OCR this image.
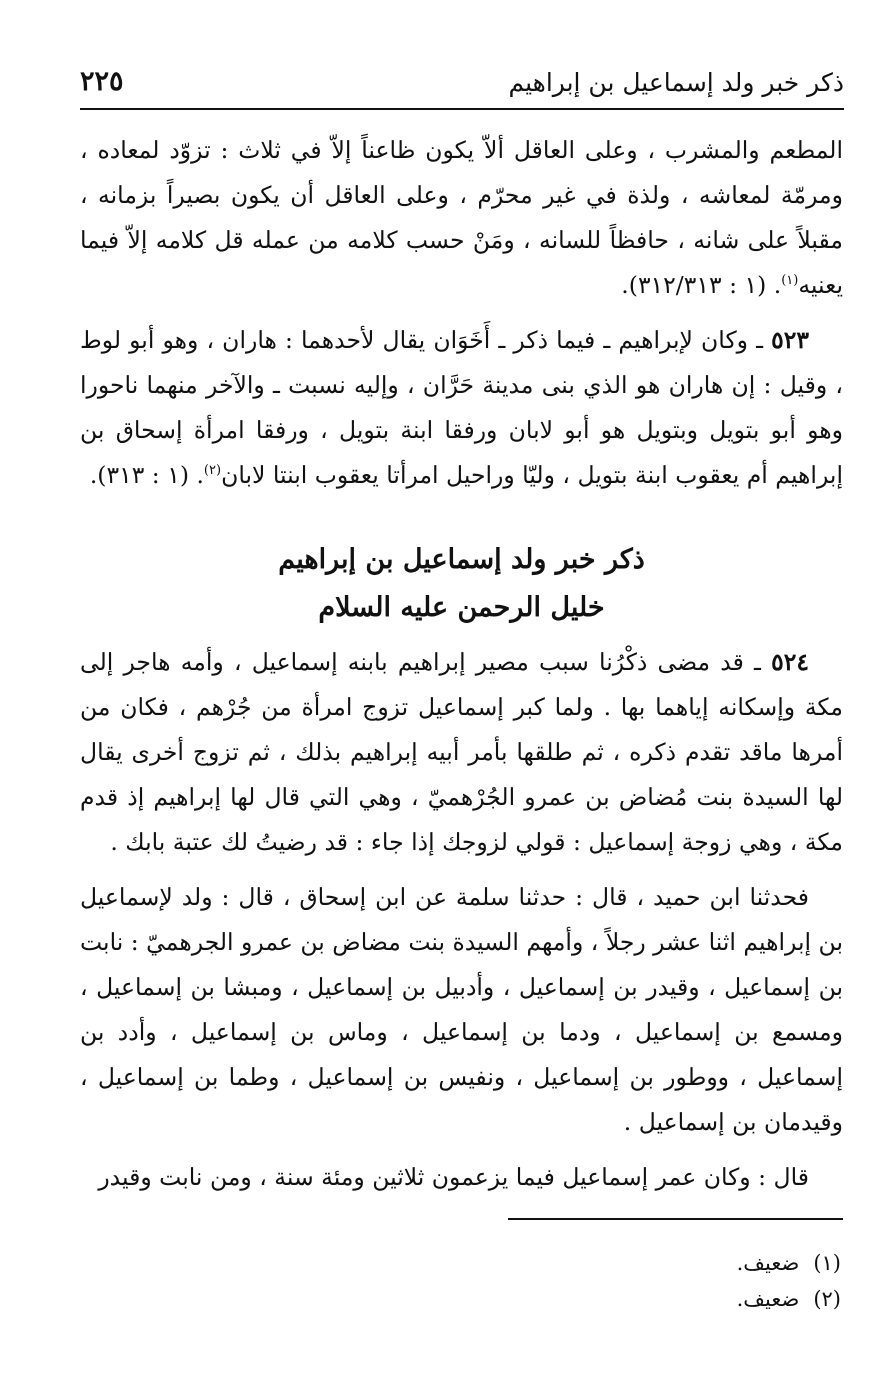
ذكر خبر ولد إسماعيل بن إبراهيم
٢٢٥

المطعم والمشرب ، وعلى العاقل ألاّ يكون ظاعناً إلاّ في ثلاث : تزوّد لمعاده ، ومرمّة لمعاشه ، ولذة في غير محرّم ، وعلى العاقل أن يكون بصيراً بزمانه ، مقبلاً على شانه ، حافظاً للسانه ، ومَنْ حسب كلامه من عمله قل كلامه إلاّ فيما يعنيه$^{(١)}$. (١ : ٣١٢/٣١٣).

٥٢٣ ـ وكان لإبراهيم ـ فيما ذكر ـ أَخَوَان يقال لأحدهما : هاران ، وهو أبو لوط ، وقيل : إن هاران هو الذي بنى مدينة حَرَّان ، وإليه نسبت ـ والآخر منهما ناحورا وهو أبو بتويل وبتويل هو أبو لابان ورفقا ابنة بتويل ، ورفقا امرأة إسحاق بن إبراهيم أم يعقوب ابنة بتويل ، وليّا وراحيل امرأتا يعقوب ابنتا لابان$^{(٢)}$. (١ : ٣١٣).

ذكر خبر ولد إسماعيل بن إبراهيم
خليل الرحمن عليه السلام

٥٢٤ ـ قد مضى ذكْرُنا سبب مصير إبراهيم بابنه إسماعيل ، وأمه هاجر إلى مكة وإسكانه إياهما بها . ولما كبر إسماعيل تزوج امرأة من جُرْهم ، فكان من أمرها ماقد تقدم ذكره ، ثم طلقها بأمر أبيه إبراهيم بذلك ، ثم تزوج أخرى يقال لها السيدة بنت مُضاض بن عمرو الجُرْهميّ ، وهي التي قال لها إبراهيم إذ قدم مكة ، وهي زوجة إسماعيل : قولي لزوجك إذا جاء : قد رضيتُ لك عتبة بابك .

فحدثنا ابن حميد ، قال : حدثنا سلمة عن ابن إسحاق ، قال : ولد لإسماعيل بن إبراهيم اثنا عشر رجلاً ، وأمهم السيدة بنت مضاض بن عمرو الجرهميّ : نابت بن إسماعيل ، وقيدر بن إسماعيل ، وأدبيل بن إسماعيل ، ومبشا بن إسماعيل ، ومسمع بن إسماعيل ، ودما بن إسماعيل ، وماس بن إسماعيل ، وأدد بن إسماعيل ، ووطور بن إسماعيل ، ونفيس بن إسماعيل ، وطما بن إسماعيل ، وقيدمان بن إسماعيل .

قال : وكان عمر إسماعيل فيما يزعمون ثلاثين ومئة سنة ، ومن نابت وقيدر

(١)ضعيف.
(٢)ضعيف.
